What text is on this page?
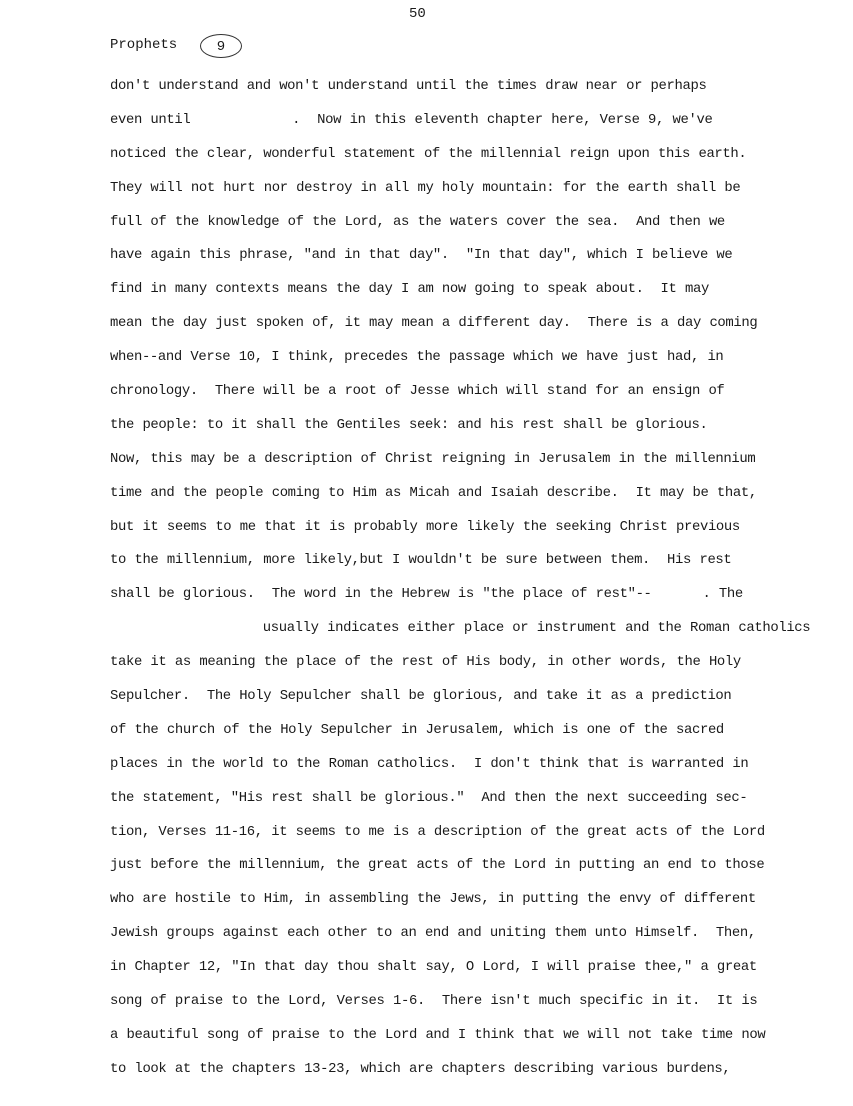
50
Prophets	9
don't understand and won't understand until the times draw near or perhaps
even until            .  Now in this eleventh chapter here, Verse 9, we've
noticed the clear, wonderful statement of the millennial reign upon this earth.
They will not hurt nor destroy in all my holy mountain: for the earth shall be
full of the knowledge of the Lord, as the waters cover the sea.  And then we
have again this phrase, "and in that day".  "In that day", which I believe we
find in many contexts means the day I am now going to speak about.  It may
mean the day just spoken of, it may mean a different day.  There is a day coming
when--and Verse 10, I think, precedes the passage which we have just had, in
chronology.  There will be a root of Jesse which will stand for an ensign of
the people: to it shall the Gentiles seek: and his rest shall be glorious.
Now, this may be a description of Christ reigning in Jerusalem in the millennium
time and the people coming to Him as Micah and Isaiah describe.  It may be that,
but it seems to me that it is probably more likely the seeking Christ previous
to the millennium, more likely,but I wouldn't be sure between them.  His rest
shall be glorious.  The word in the Hebrew is "the place of rest"--      . The
usually indicates either place or instrument and the Roman catholics
take it as meaning the place of the rest of His body, in other words, the Holy
Sepulcher.  The Holy Sepulcher shall be glorious, and take it as a prediction
of the church of the Holy Sepulcher in Jerusalem, which is one of the sacred
places in the world to the Roman catholics.  I don't think that is warranted in
the statement, "His rest shall be glorious."  And then the next succeeding sec-
tion, Verses 11-16, it seems to me is a description of the great acts of the Lord
just before the millennium, the great acts of the Lord in putting an end to those
who are hostile to Him, in assembling the Jews, in putting the envy of different
Jewish groups against each other to an end and uniting them unto Himself.  Then,
in Chapter 12, "In that day thou shalt say, O Lord, I will praise thee," a great
song of praise to the Lord, Verses 1-6.  There isn't much specific in it.  It is
a beautiful song of praise to the Lord and I think that we will not take time now
to look at the chapters 13-23, which are chapters describing various burdens,
